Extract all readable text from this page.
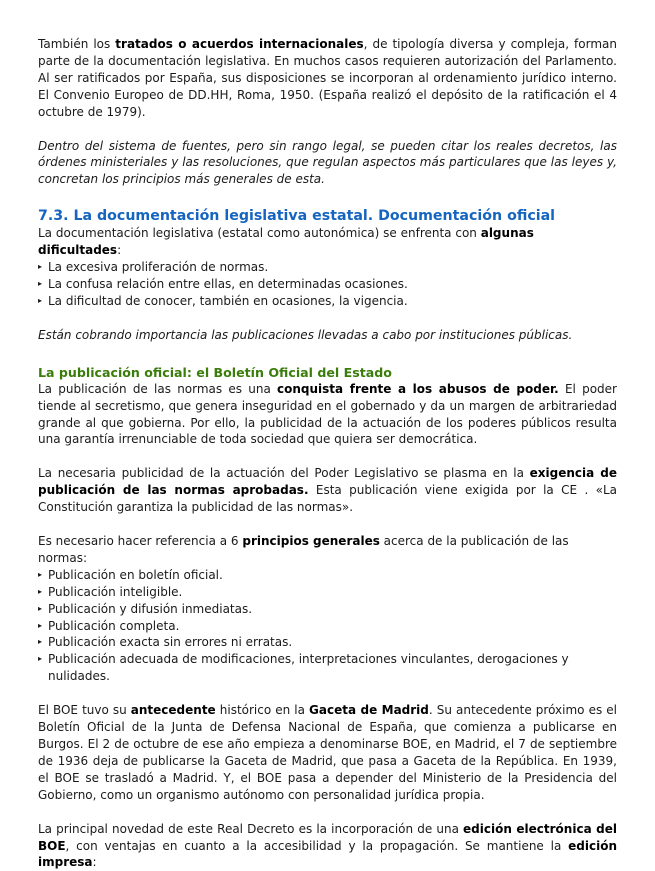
También los tratados o acuerdos internacionales, de tipología diversa y compleja, forman parte de la documentación legislativa. En muchos casos requieren autorización del Parlamento. Al ser ratificados por España, sus disposiciones se incorporan al ordenamiento jurídico interno. El Convenio Europeo de DD.HH, Roma, 1950. (España realizó el depósito de la ratificación el 4 octubre de 1979).

Dentro del sistema de fuentes, pero sin rango legal, se pueden citar los reales decretos, las órdenes ministeriales y las resoluciones, que regulan aspectos más particulares que las leyes y, concretan los principios más generales de esta.

7.3. La documentación legislativa estatal. Documentación oficial

La documentación legislativa (estatal como autonómica) se enfrenta con algunas dificultades:

▸ La excesiva proliferación de normas.
▸ La confusa relación entre ellas, en determinadas ocasiones.
▸ La dificultad de conocer, también en ocasiones, la vigencia.

Están cobrando importancia las publicaciones llevadas a cabo por instituciones públicas.

La publicación oficial: el Boletín Oficial del Estado

La publicación de las normas es una conquista frente a los abusos de poder. El poder tiende al secretismo, que genera inseguridad en el gobernado y da un margen de arbitrariedad grande al que gobierna. Por ello, la publicidad de la actuación de los poderes públicos resulta una garantía irrenunciable de toda sociedad que quiera ser democrática.

La necesaria publicidad de la actuación del Poder Legislativo se plasma en la exigencia de publicación de las normas aprobadas. Esta publicación viene exigida por la CE . «La Constitución garantiza la publicidad de las normas».

Es necesario hacer referencia a 6 principios generales acerca de la publicación de las normas:

▸ Publicación en boletín oficial.
▸ Publicación inteligible.
▸ Publicación y difusión inmediatas.
▸ Publicación completa.
▸ Publicación exacta sin errores ni erratas.
▸ Publicación adecuada de modificaciones, interpretaciones vinculantes, derogaciones y nulidades.

El BOE tuvo su antecedente histórico en la Gaceta de Madrid. Su antecedente próximo es el Boletín Oficial de la Junta de Defensa Nacional de España, que comienza a publicarse en Burgos. El 2 de octubre de ese año empieza a denominarse BOE, en Madrid, el 7 de septiembre de 1936 deja de publicarse la Gaceta de Madrid, que pasa a Gaceta de la República. En 1939, el BOE se trasladó a Madrid. Y, el BOE pasa a depender del Ministerio de la Presidencia del Gobierno, como un organismo autónomo con personalidad jurídica propia.

La principal novedad de este Real Decreto es la incorporación de una edición electrónica del BOE, con ventajas en cuanto a la accesibilidad y la propagación. Se mantiene la edición impresa:
